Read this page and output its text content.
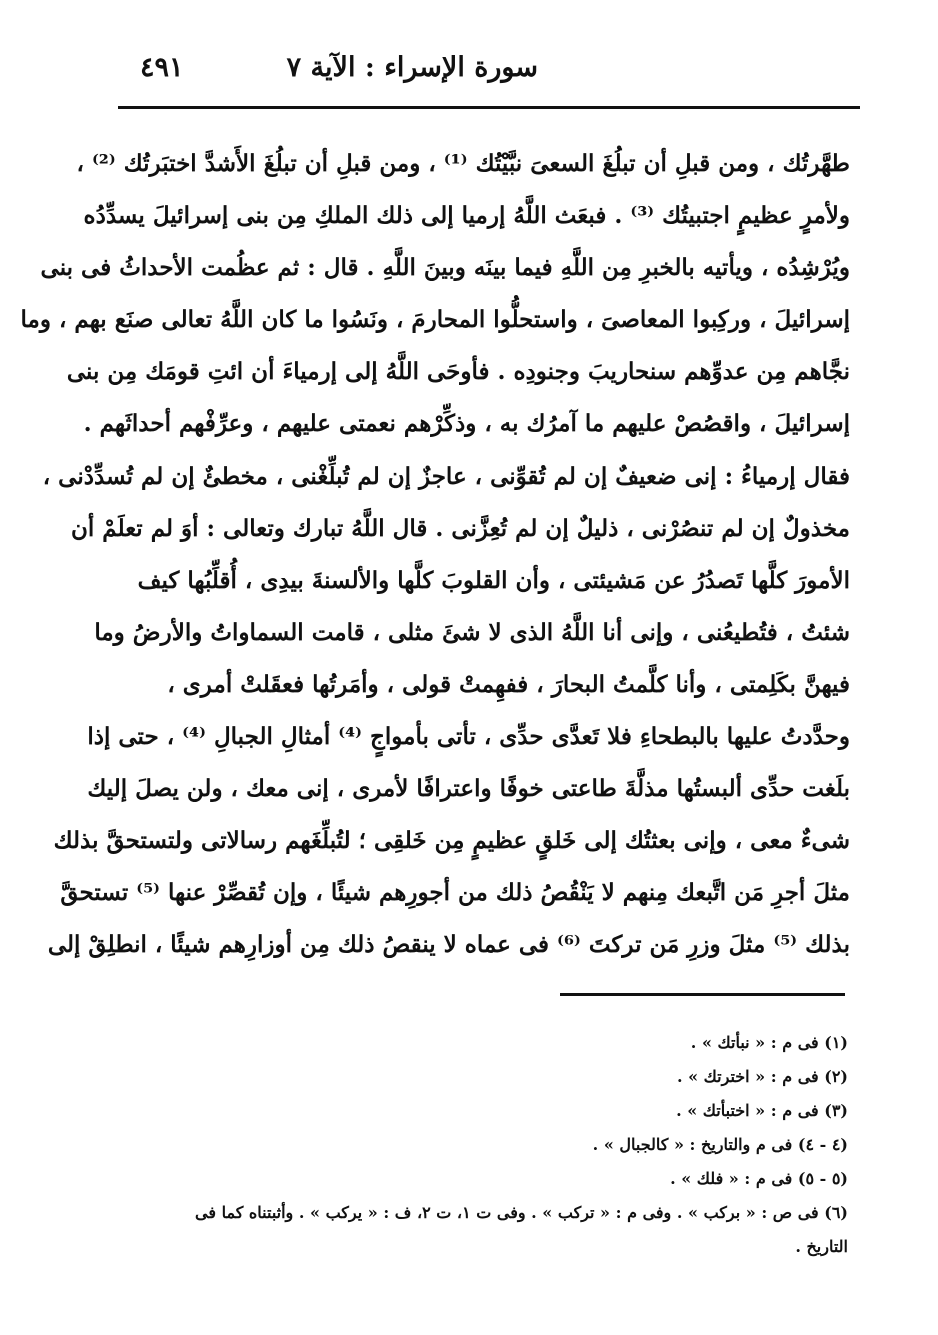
سورة الإسراء : الآية ٧
٤٩١
طهَّرتُك ، ومن قبلِ أن تبلُغَ السعىَ نبَّيْتُك ⁽¹⁾ ، ومن قبلِ أن تبلُغَ الأَشدَّ اختبَرتُك ⁽²⁾ ،
ولأمرٍ عظيمٍ اجتبيتُك ⁽³⁾ . فبعَث اللَّهُ إرميا إلى ذلك الملكِ مِن بنى إسرائيلَ يسدِّدُه
ويُرْشِدُه ، ويأتيه بالخبرِ مِن اللَّهِ فيما بينَه وبينَ اللَّهِ . قال : ثم عظُمت الأحداثُ فى بنى
إسرائيلَ ، وركِبوا المعاصىَ ، واستحلُّوا المحارمَ ، ونَسُوا ما كان اللَّهُ تعالى صنَع بهم ، وما
نجَّاهم مِن عدوِّهم سنحاريبَ وجنودِه . فأوحَى اللَّهُ إلى إرمياءَ أن ائتِ قومَك مِن بنى
إسرائيلَ ، واقصُصْ عليهم ما آمرُك به ، وذكِّرْهم نعمتى عليهم ، وعرِّفْهم أحداثَهم .
فقال إرمياءُ : إنى ضعيفٌ إن لم تُقوِّنى ، عاجزٌ إن لم تُبلِّغْنى ، مخطئٌ إن لم تُسدِّدْنى ،
مخذولٌ إن لم تنصُرْنى ، ذليلٌ إن لم تُعِزَّنى . قال اللَّهُ تبارك وتعالى : أوَ لم تعلَمْ أن
الأمورَ كلَّها تَصدُرُ عن مَشيئتى ، وأن القلوبَ كلَّها والألسنةَ بيدِى ، أُقلِّبُها كيف
شئتُ ، فتُطيعُنى ، وإنى أنا اللَّهُ الذى لا شئَ مثلى ، قامت السماواتُ والأرضُ وما
فيهنَّ بكَلِمتى ، وأنا كلَّمتُ البحارَ ، ففهِمتْ قولى ، وأمَرتُها فعقَلتْ أمرى ،
وحدَّدتُ عليها بالبطحاءِ فلا تَعدَّى حدِّى ، تأتى بأمواجٍ ⁽⁴⁾ أمثالِ الجبالِ ⁽⁴⁾ ، حتى إذا
بلَغت حدِّى ألبستُها مذلَّةَ طاعتى خوفًا واعترافًا لأمرى ، إنى معك ، ولن يصلَ إليك
شىءٌ معى ، وإنى بعثتُك إلى خَلقٍ عظيمٍ مِن خَلقِى ؛ لتُبلِّغَهم رسالاتى ولتستحقَّ بذلك
مثلَ أجرِ مَن اتَّبعك مِنهم لا يَنْقُصُ ذلك من أجورِهم شيئًا ، وإن تُقصِّرْ عنها ⁽⁵⁾ تستحقَّ
بذلك ⁽⁵⁾ مثلَ وزرِ مَن تركتَ ⁽⁶⁾ فى عماه لا ينقصُ ذلك مِن أوزارِهم شيئًا ، انطلِقْ إلى
(١) فى م : « نبأتك » .
(٢) فى م : « اخترتك » .
(٣) فى م : « اختبأتك » .
(٤ - ٤) فى م والتاريخ : « كالجبال » .
(٥ - ٥) فى م : « فلك » .
(٦) فى ص : « بركب » . وفى م : « تركب » . وفى ت ١، ت ٢، ف : « يركب » . وأثبتناه كما فى
التاريخ .
